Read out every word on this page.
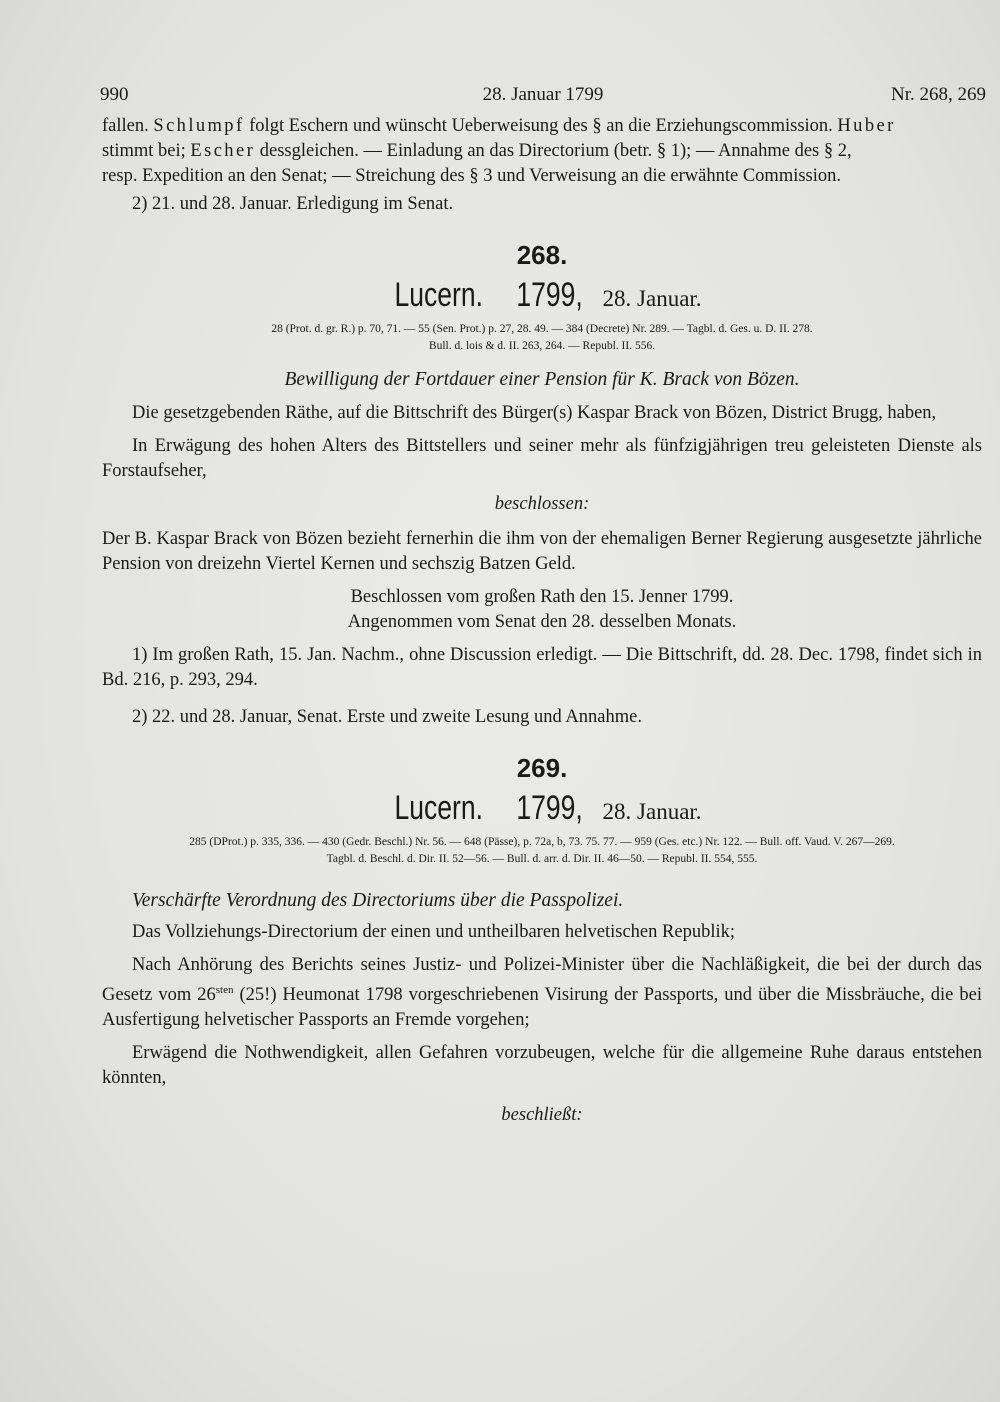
990	28. Januar 1799	Nr. 268, 269

fallen. Schlumpf folgt Eschern und wünscht Ueberweisung des § an die Erziehungscommission. Huber

stimmt bei; Escher dessgleichen. — Einladung an das Directorium (betr. § 1); — Annahme des § 2,

resp. Expedition an den Senat; — Streichung des § 3 und Verweisung an die erwähnte Commission.

2) 21. und 28. Januar. Erledigung im Senat.

268.

Lucern. 1799, 28. Januar.

28 (Prot. d. gr. R.) p. 70, 71. — 55 (Sen. Prot.) p. 27, 28. 49. — 384 (Decrete) Nr. 289. — Tagbl. d. Ges. u. D. II. 278.

Bull. d. lois & d. II. 263, 264. — Republ. II. 556.

Bewilligung der Fortdauer einer Pension für K. Brack von Bözen.

Die gesetzgebenden Räthe, auf die Bittschrift des Bürger(s) Kaspar Brack von Bözen, District Brugg, haben,

In Erwägung des hohen Alters des Bittstellers und seiner mehr als fünfzigjährigen treu geleisteten Dienste als Forstaufseher,

beschlossen:

Der B. Kaspar Brack von Bözen bezieht fernerhin die ihm von der ehemaligen Berner Regierung ausgesetzte jährliche Pension von dreizehn Viertel Kernen und sechszig Batzen Geld.

Beschlossen vom großen Rath den 15. Jenner 1799.

Angenommen vom Senat den 28. desselben Monats.

1) Im großen Rath, 15. Jan. Nachm., ohne Discussion erledigt. — Die Bittschrift, dd. 28. Dec. 1798, findet sich in Bd. 216, p. 293, 294.

2) 22. und 28. Januar, Senat. Erste und zweite Lesung und Annahme.

269.

Lucern. 1799, 28. Januar.

285 (DProt.) p. 335, 336. — 430 (Gedr. Beschl.) Nr. 56. — 648 (Pässe), p. 72a, b, 73. 75. 77. — 959 (Ges. etc.) Nr. 122. — Bull. off. Vaud. V. 267—269.

Tagbl. d. Beschl. d. Dir. II. 52—56. — Bull. d. arr. d. Dir. II. 46—50. — Republ. II. 554, 555.

Verschärfte Verordnung des Directoriums über die Passpolizei.

Das Vollziehungs-Directorium der einen und untheilbaren helvetischen Republik;

Nach Anhörung des Berichts seines Justiz- und Polizei-Minister über die Nachläßigkeit, die bei der durch das Gesetz vom $26^{sten}$ (25!) Heumonat 1798 vorgeschriebenen Visirung der Passports, und über die Missbräuche, die bei Ausfertigung helvetischer Passports an Fremde vorgehen;

Erwägend die Nothwendigkeit, allen Gefahren vorzubeugen, welche für die allgemeine Ruhe daraus entstehen könnten,

beschließt:
